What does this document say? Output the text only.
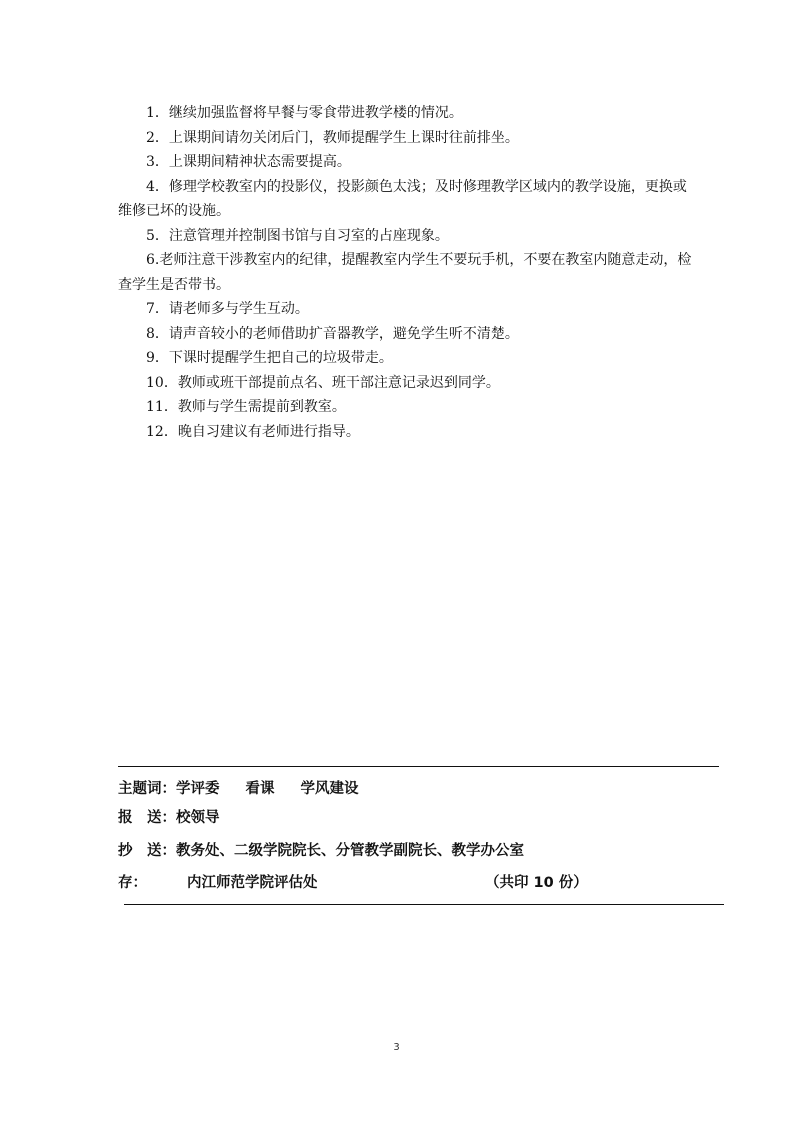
1．继续加强监督将早餐与零食带进教学楼的情况。

2．上课期间请勿关闭后门，教师提醒学生上课时往前排坐。

3．上课期间精神状态需要提高。

4．修理学校教室内的投影仪，投影颜色太浅；及时修理教学区域内的教学设施，更换或维修已坏的设施。

5．注意管理并控制图书馆与自习室的占座现象。

6.老师注意干涉教室内的纪律，提醒教室内学生不要玩手机，不要在教室内随意走动，检查学生是否带书。

7．请老师多与学生互动。

8．请声音较小的老师借助扩音器教学，避免学生听不清楚。

9．下课时提醒学生把自己的垃圾带走。

10．教师或班干部提前点名、班干部注意记录迟到同学。

11．教师与学生需提前到教室。

12．晚自习建议有老师进行指导。

主题词：学评委 看课 学风建设
报　送：校领导
抄　送：教务处、二级学院院长、分管教学副院长、教学办公室
存：	内江师范学院评估处	（共印 10 份）
3
